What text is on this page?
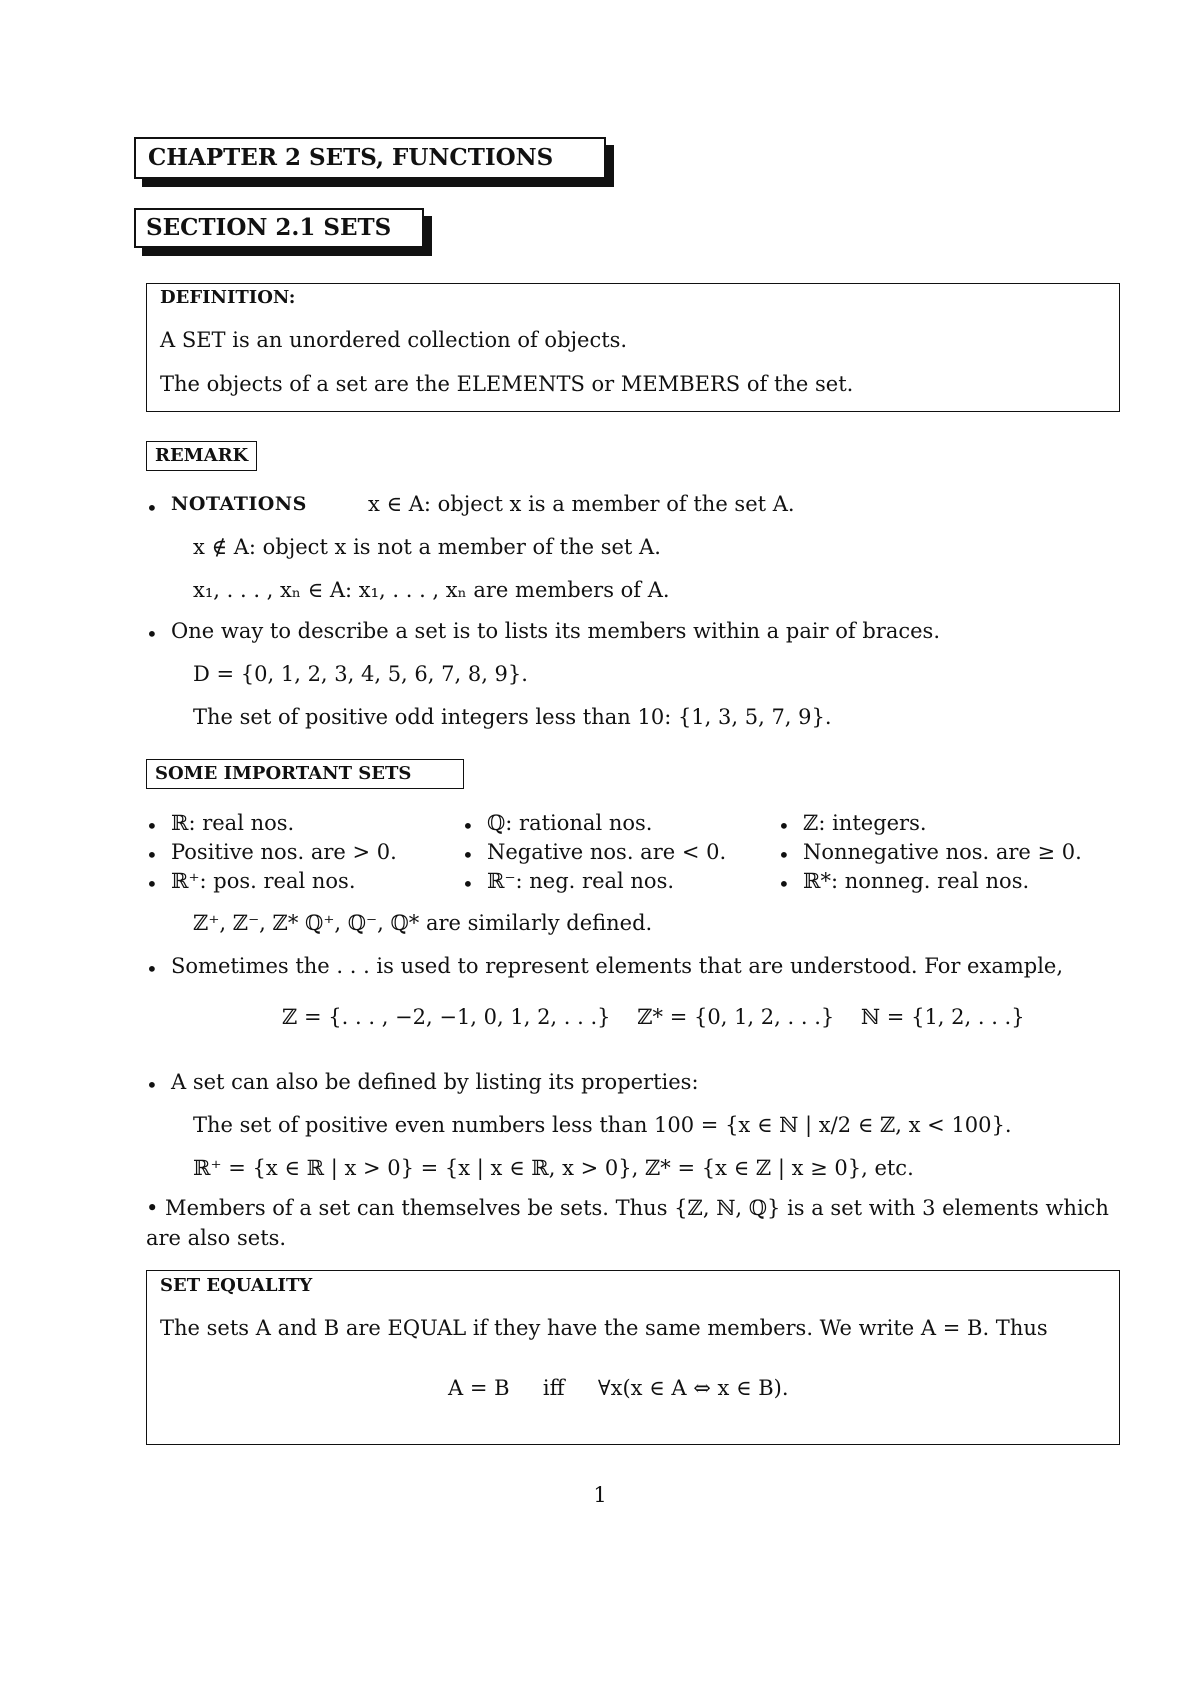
CHAPTER 2 SETS, FUNCTIONS
SECTION 2.1 SETS
DEFINITION:
A SET is an unordered collection of objects.
The objects of a set are the ELEMENTS or MEMBERS of the set.
REMARK
• NOTATIONS	x ∈ A: object x is a member of the set A.
x ∉ A: object x is not a member of the set A.
x₁, . . . , xₙ ∈ A: x₁, . . . , xₙ are members of A.
• One way to describe a set is to lists its members within a pair of braces.
D = {0, 1, 2, 3, 4, 5, 6, 7, 8, 9}.
The set of positive odd integers less than 10: {1, 3, 5, 7, 9}.
SOME IMPORTANT SETS
• ℝ: real nos.	• ℚ: rational nos.	• ℤ: integers.
• Positive nos. are > 0.	• Negative nos. are < 0.	• Nonnegative nos. are ≥ 0.
• ℝ⁺: pos. real nos.	• ℝ⁻: neg. real nos.	• ℝ*: nonneg. real nos.
ℤ⁺, ℤ⁻, ℤ* ℚ⁺, ℚ⁻, ℚ* are similarly defined.
• Sometimes the . . . is used to represent elements that are understood. For example,
ℤ = {. . . , −2, −1, 0, 1, 2, . . .}    ℤ* = {0, 1, 2, . . .}    ℕ = {1, 2, . . .}
• A set can also be defined by listing its properties:
The set of positive even numbers less than 100 = {x ∈ ℕ | x/2 ∈ ℤ, x < 100}.
ℝ⁺ = {x ∈ ℝ | x > 0} = {x | x ∈ ℝ, x > 0}, ℤ* = {x ∈ ℤ | x ≥ 0}, etc.
• Members of a set can themselves be sets. Thus {ℤ, ℕ, ℚ} is a set with 3 elements which
are also sets.
SET EQUALITY
The sets A and B are EQUAL if they have the same members. We write A = B. Thus
A = B     iff     ∀x(x ∈ A ⇔ x ∈ B).
1
